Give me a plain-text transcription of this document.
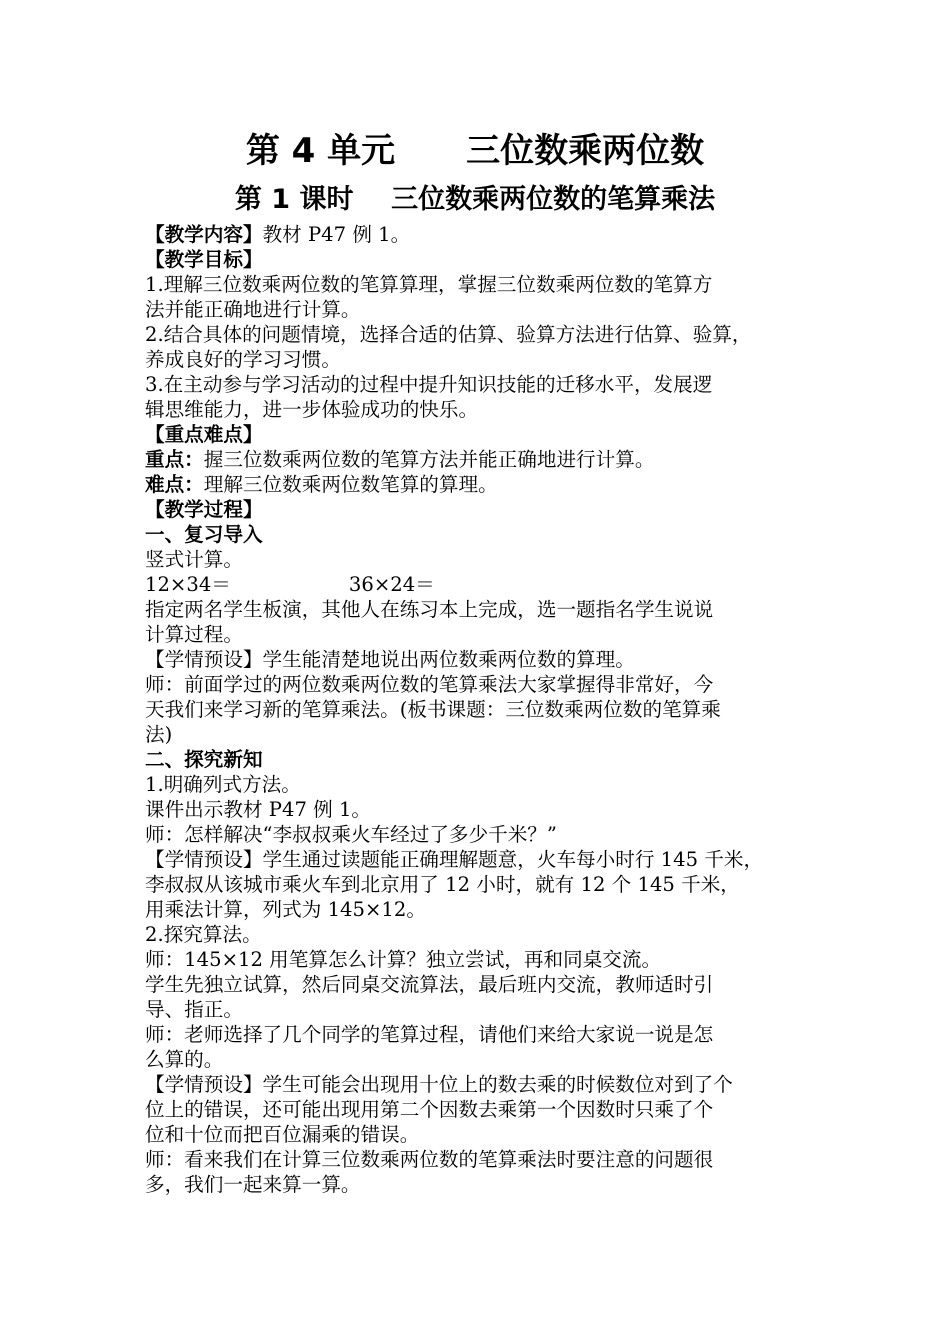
第 4 单元      三位数乘两位数
第 1 课时    三位数乘两位数的笔算乘法
【教学内容】教材 P47 例 1。
【教学目标】
1.理解三位数乘两位数的笔算算理，掌握三位数乘两位数的笔算方
法并能正确地进行计算。
2.结合具体的问题情境，选择合适的估算、验算方法进行估算、验算，
养成良好的学习习惯。
3.在主动参与学习活动的过程中提升知识技能的迁移水平，发展逻
辑思维能力，进一步体验成功的快乐。
【重点难点】
重点：握三位数乘两位数的笔算方法并能正确地进行计算。
难点：理解三位数乘两位数笔算的算理。
【教学过程】
一、复习导入
竖式计算。
12×34＝	36×24＝
指定两名学生板演，其他人在练习本上完成，选一题指名学生说说
计算过程。
【学情预设】学生能清楚地说出两位数乘两位数的算理。
师：前面学过的两位数乘两位数的笔算乘法大家掌握得非常好，今
天我们来学习新的笔算乘法。(板书课题：三位数乘两位数的笔算乘
法)
二、探究新知
1.明确列式方法。
课件出示教材 P47 例 1。
师：怎样解决“李叔叔乘火车经过了多少千米？”
【学情预设】学生通过读题能正确理解题意，火车每小时行 145 千米，
李叔叔从该城市乘火车到北京用了 12 小时，就有 12 个 145 千米，
用乘法计算，列式为 145×12。
2.探究算法。
师：145×12 用笔算怎么计算？独立尝试，再和同桌交流。
学生先独立试算，然后同桌交流算法，最后班内交流，教师适时引
导、指正。
师：老师选择了几个同学的笔算过程，请他们来给大家说一说是怎
么算的。
【学情预设】学生可能会出现用十位上的数去乘的时候数位对到了个
位上的错误，还可能出现用第二个因数去乘第一个因数时只乘了个
位和十位而把百位漏乘的错误。
师：看来我们在计算三位数乘两位数的笔算乘法时要注意的问题很
多，我们一起来算一算。
